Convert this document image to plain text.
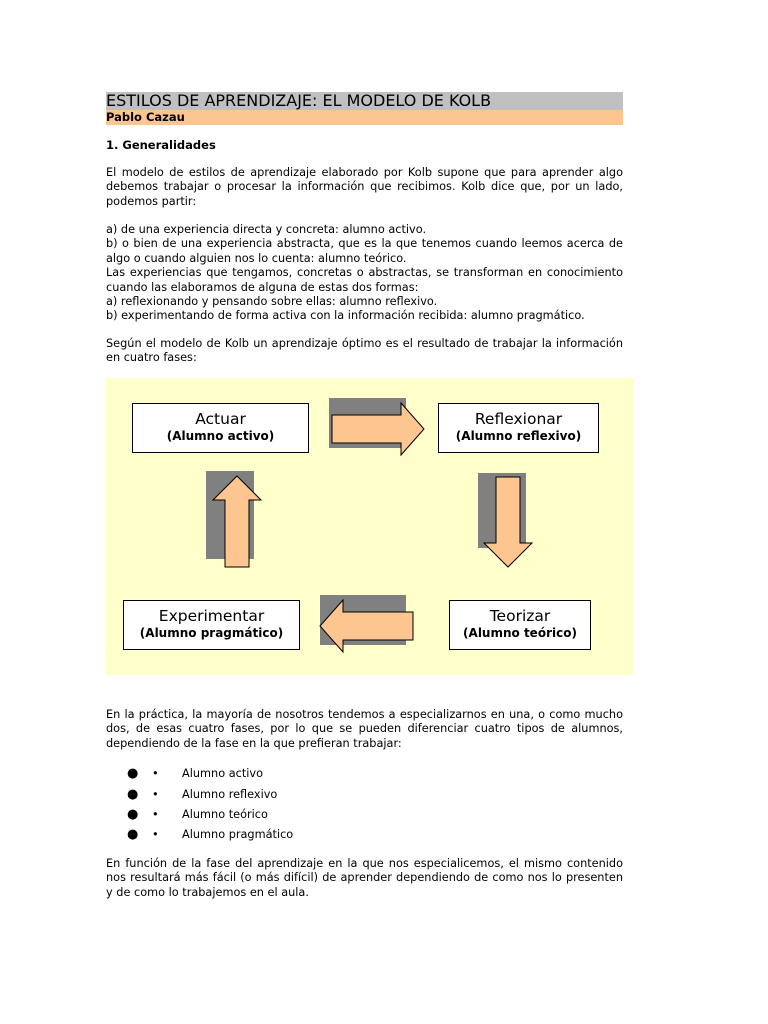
ESTILOS DE APRENDIZAJE: EL MODELO DE KOLB
Pablo Cazau
1. Generalidades
El modelo de estilos de aprendizaje elaborado por Kolb supone que para aprender algo
debemos trabajar o procesar la información que recibimos. Kolb dice que, por un lado,
podemos partir:
a) de una experiencia directa y concreta: alumno activo.
b) o bien de una experiencia abstracta, que es la que tenemos cuando leemos acerca de
algo o cuando alguien nos lo cuenta: alumno teórico.
Las experiencias que tengamos, concretas o abstractas, se transforman en conocimiento
cuando las elaboramos de alguna de estas dos formas:
a) reflexionando y pensando sobre ellas: alumno reflexivo.
b) experimentando de forma activa con la información recibida: alumno pragmático.
Según el modelo de Kolb un aprendizaje óptimo es el resultado de trabajar la información
en cuatro fases:
Actuar
(Alumno activo)
Reflexionar
(Alumno reflexivo)
Experimentar
(Alumno pragmático)
Teorizar
(Alumno teórico)
En la práctica, la mayoría de nosotros tendemos a especializarnos en una, o como mucho
dos, de esas cuatro fases, por lo que se pueden diferenciar cuatro tipos de alumnos,
dependiendo de la fase en la que prefieran trabajar:
● • Alumno activo
● • Alumno reflexivo
● • Alumno teórico
● • Alumno pragmático
En función de la fase del aprendizaje en la que nos especialicemos, el mismo contenido
nos resultará más fácil (o más difícil) de aprender dependiendo de como nos lo presenten
y de como lo trabajemos en el aula.
